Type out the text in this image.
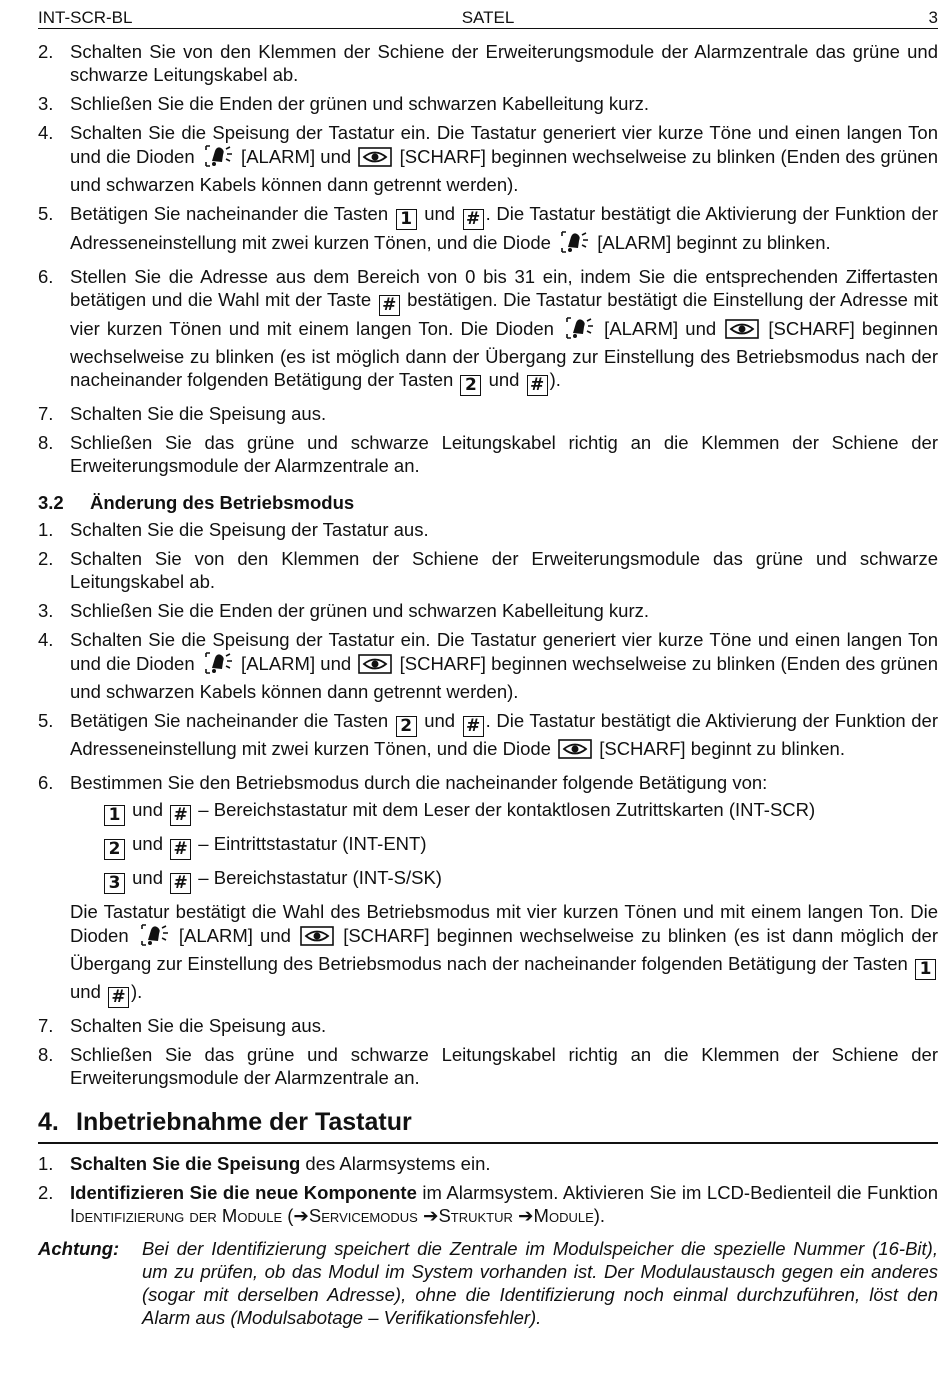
INT-SCR-BL	SATEL	3
2. Schalten Sie von den Klemmen der Schiene der Erweiterungsmodule der Alarmzentrale das grüne und schwarze Leitungskabel ab.
3. Schließen Sie die Enden der grünen und schwarzen Kabelleitung kurz.
4. Schalten Sie die Speisung der Tastatur ein. Die Tastatur generiert vier kurze Töne und einen langen Ton und die Dioden  [ALARM] und  [SCHARF] beginnen wechselweise zu blinken (Enden des grünen und schwarzen Kabels können dann getrennt werden).
5. Betätigen Sie nacheinander die Tasten 1 und # . Die Tastatur bestätigt die Aktivierung der Funktion der Adresseneinstellung mit zwei kurzen Tönen, und die Diode  [ALARM] beginnt zu blinken.
6. Stellen Sie die Adresse aus dem Bereich von 0 bis 31 ein, indem Sie die entsprechenden Ziffertasten betätigen und die Wahl mit der Taste # bestätigen. Die Tastatur bestätigt die Einstellung der Adresse mit vier kurzen Tönen und mit einem langen Ton. Die Dioden  [ALARM] und  [SCHARF] beginnen wechselweise zu blinken (es ist möglich dann der Übergang zur Einstellung des Betriebsmodus nach der nacheinander folgenden Betätigung der Tasten 2 und # ).
7. Schalten Sie die Speisung aus.
8. Schließen Sie das grüne und schwarze Leitungskabel richtig an die Klemmen der Schiene der Erweiterungsmodule der Alarmzentrale an.
3.2 Änderung des Betriebsmodus
1. Schalten Sie die Speisung der Tastatur aus.
2. Schalten Sie von den Klemmen der Schiene der Erweiterungsmodule das grüne und schwarze Leitungskabel ab.
3. Schließen Sie die Enden der grünen und schwarzen Kabelleitung kurz.
4. Schalten Sie die Speisung der Tastatur ein. Die Tastatur generiert vier kurze Töne und einen langen Ton und die Dioden  [ALARM] und  [SCHARF] beginnen wechselweise zu blinken (Enden des grünen und schwarzen Kabels können dann getrennt werden).
5. Betätigen Sie nacheinander die Tasten 2 und # . Die Tastatur bestätigt die Aktivierung der Funktion der Adresseneinstellung mit zwei kurzen Tönen, und die Diode  [SCHARF] beginnt zu blinken.
6. Bestimmen Sie den Betriebsmodus durch die nacheinander folgende Betätigung von:
1 und # – Bereichstastatur mit dem Leser der kontaktlosen Zutrittskarten (INT-SCR)
2 und # – Eintrittstastatur (INT-ENT)
3 und # – Bereichstastatur (INT-S/SK)
Die Tastatur bestätigt die Wahl des Betriebsmodus mit vier kurzen Tönen und mit einem langen Ton. Die Dioden  [ALARM] und  [SCHARF] beginnen wechselweise zu blinken (es ist dann möglich der Übergang zur Einstellung des Betriebsmodus nach der nacheinander folgenden Betätigung der Tasten 1 und # ).
7. Schalten Sie die Speisung aus.
8. Schließen Sie das grüne und schwarze Leitungskabel richtig an die Klemmen der Schiene der Erweiterungsmodule der Alarmzentrale an.
4. Inbetriebnahme der Tastatur
1. Schalten Sie die Speisung des Alarmsystems ein.
2. Identifizieren Sie die neue Komponente im Alarmsystem. Aktivieren Sie im LCD-Bedienteil die Funktion Identifizierung der Module (➔Servicemodus ➔Struktur ➔Module).
Achtung: Bei der Identifizierung speichert die Zentrale im Modulspeicher die spezielle Nummer (16-Bit), um zu prüfen, ob das Modul im System vorhanden ist. Der Modulaustausch gegen ein anderes (sogar mit derselben Adresse), ohne die Identifizierung noch einmal durchzuführen, löst den Alarm aus (Modulsabotage – Verifikationsfehler).
